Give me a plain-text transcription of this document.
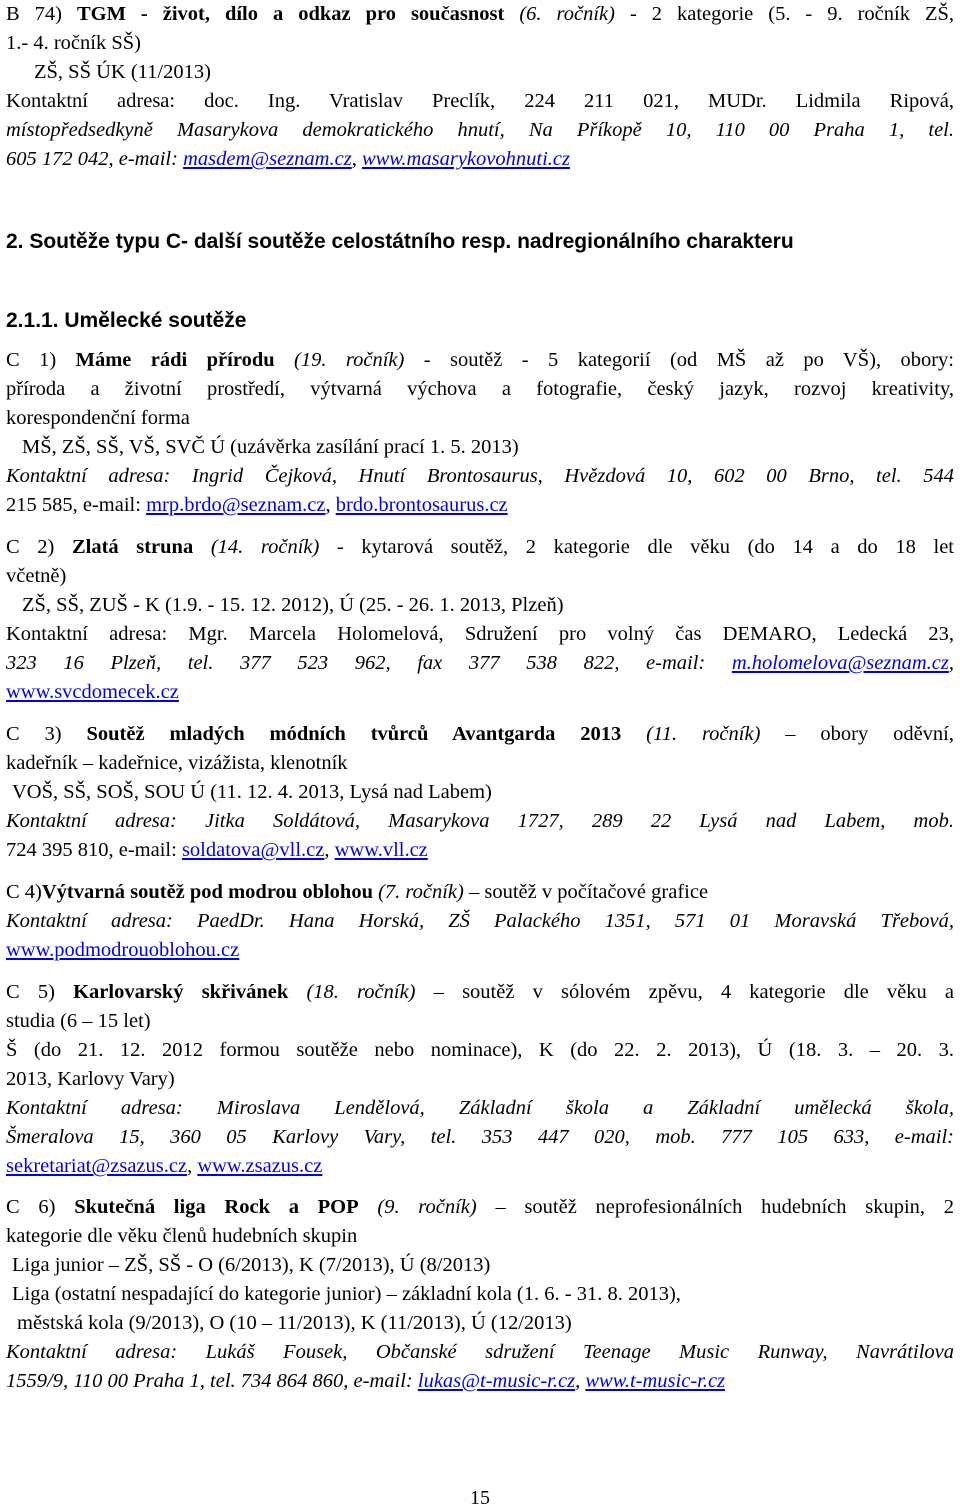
B 74) TGM - život, dílo a odkaz pro současnost (6. ročník) - 2 kategorie (5. - 9. ročník ZŠ,
1.- 4. ročník SŠ)
ZŠ, SŠ ÚK (11/2013)
Kontaktní adresa: doc. Ing. Vratislav Preclík, 224 211 021, MUDr. Lidmila Ripová,
místopředsedkyně Masarykova demokratického hnutí, Na Příkopě 10, 110 00 Praha 1, tel.
605 172 042, e-mail: masdem@seznam.cz, www.masarykovohnuti.cz
2. Soutěže typu C- další soutěže celostátního resp. nadregionálního charakteru
2.1.1. Umělecké soutěže
C 1) Máme rádi přírodu (19. ročník) - soutěž - 5 kategorií (od MŠ až po VŠ), obory:
příroda a životní prostředí, výtvarná výchova a fotografie, český jazyk, rozvoj kreativity,
korespondenční forma
MŠ, ZŠ, SŠ, VŠ, SVČ Ú (uzávěrka zasílání prací 1. 5. 2013)
Kontaktní adresa: Ingrid Čejková, Hnutí Brontosaurus, Hvězdová 10, 602 00 Brno, tel. 544
215 585, e-mail: mrp.brdo@seznam.cz, brdo.brontosaurus.cz
C 2) Zlatá struna (14. ročník) - kytarová soutěž, 2 kategorie dle věku (do 14 a do 18 let
včetně)
ZŠ, SŠ, ZUŠ - K (1.9. - 15. 12. 2012), Ú (25. - 26. 1. 2013, Plzeň)
Kontaktní adresa: Mgr. Marcela Holomelová, Sdružení pro volný čas DEMARO, Ledecká 23,
323 16 Plzeň, tel. 377 523 962, fax 377 538 822, e-mail: m.holomelova@seznam.cz,
www.svcdomecek.cz
C 3) Soutěž mladých módních tvůrců Avantgarda 2013 (11. ročník) – obory oděvní,
kadeřník – kadeřnice, vizážista, klenotník
VOŠ, SŠ, SOŠ, SOU Ú (11. 12. 4. 2013, Lysá nad Labem)
Kontaktní adresa: Jitka Soldátová, Masarykova 1727, 289 22 Lysá nad Labem, mob.
724 395 810, e-mail: soldatova@vll.cz, www.vll.cz
C 4)Výtvarná soutěž pod modrou oblohou (7. ročník) – soutěž v počítačové grafice
Kontaktní adresa: PaedDr. Hana Horská, ZŠ Palackého 1351, 571 01 Moravská Třebová,
www.podmodrouoblohou.cz
C 5) Karlovarský skřivánek (18. ročník) – soutěž v sólovém zpěvu, 4 kategorie dle věku a
studia (6 – 15 let)
Š (do 21. 12. 2012 formou soutěže nebo nominace), K (do 22. 2. 2013), Ú (18. 3. – 20. 3.
2013, Karlovy Vary)
Kontaktní adresa: Miroslava Lendělová, Základní škola a Základní umělecká škola,
Šmeralova 15, 360 05 Karlovy Vary, tel. 353 447 020, mob. 777 105 633, e-mail:
sekretariat@zsazus.cz, www.zsazus.cz
C 6) Skutečná liga Rock a POP (9. ročník) – soutěž neprofesionálních hudebních skupin, 2
kategorie dle věku členů hudebních skupin
Liga junior – ZŠ, SŠ - O (6/2013), K (7/2013), Ú (8/2013)
Liga (ostatní nespadající do kategorie junior) – základní kola (1. 6. - 31. 8. 2013),
městská kola (9/2013), O (10 – 11/2013), K (11/2013), Ú (12/2013)
Kontaktní adresa: Lukáš Fousek, Občanské sdružení Teenage Music Runway, Navrátilova
1559/9, 110 00 Praha 1, tel. 734 864 860, e-mail: lukas@t-music-r.cz, www.t-music-r.cz
15
